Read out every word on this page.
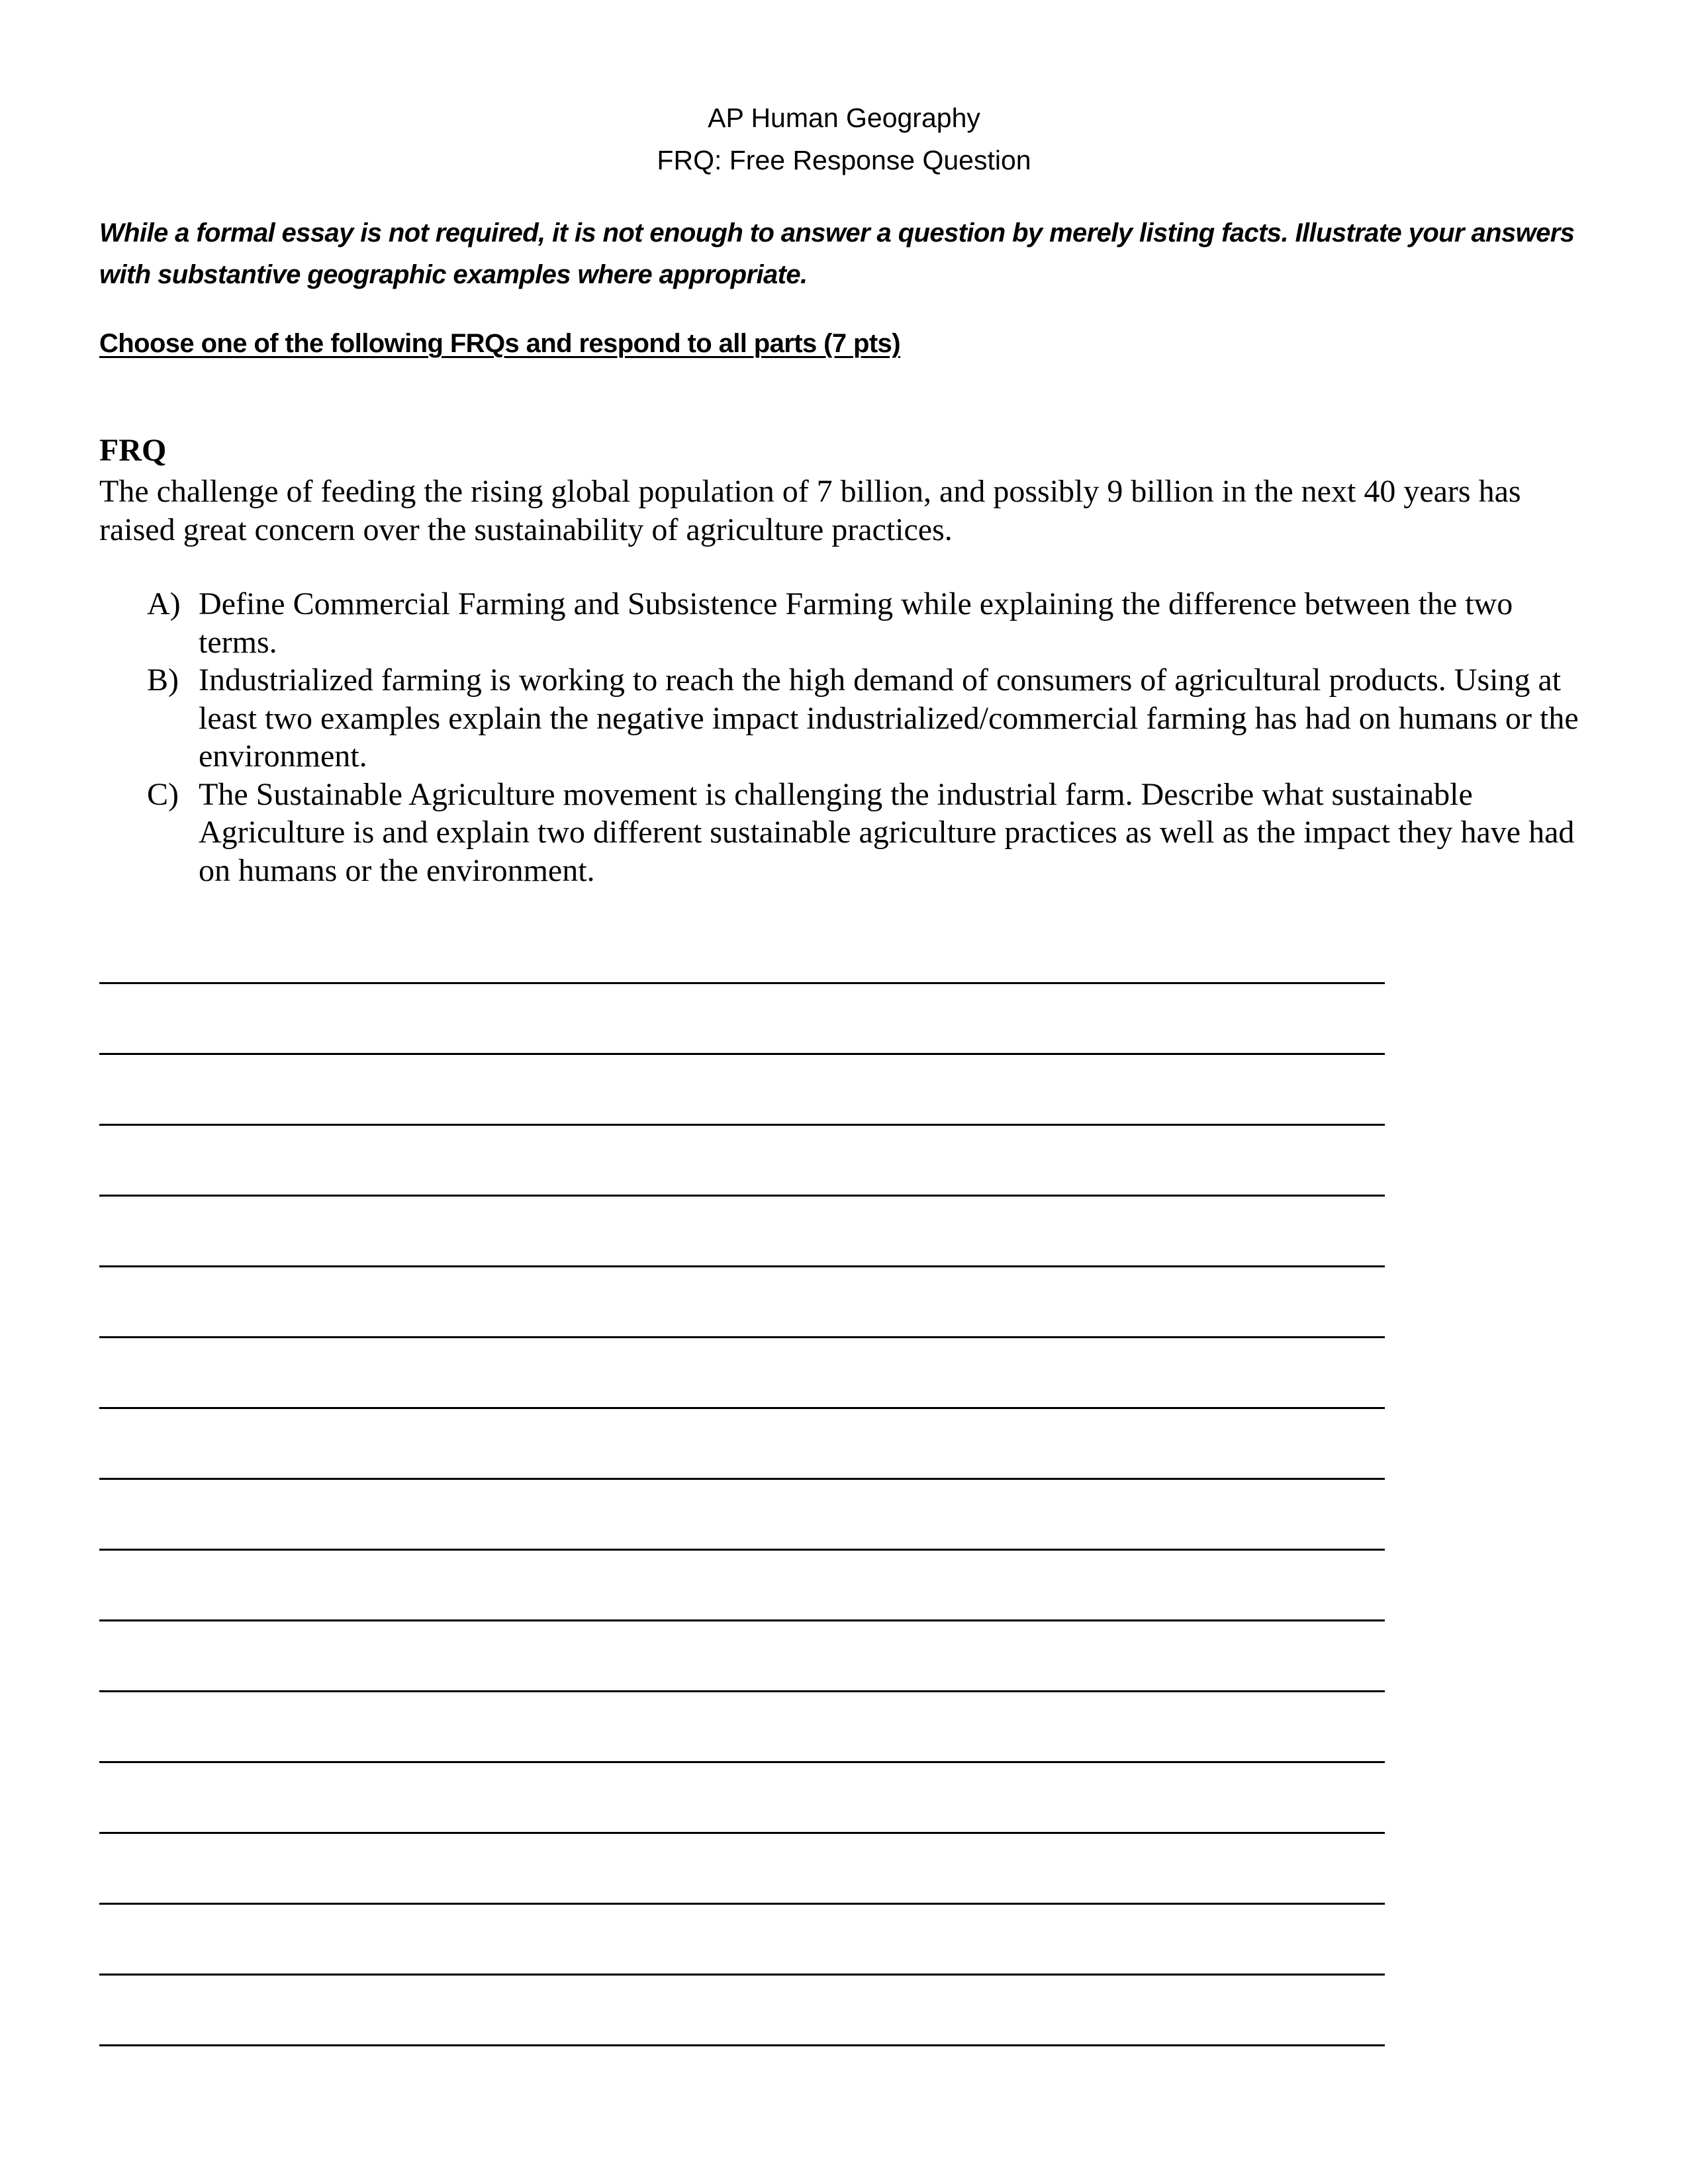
AP Human Geography
FRQ: Free Response Question
While a formal essay is not required, it is not enough to answer a question by merely listing facts. Illustrate your answers with substantive geographic examples where appropriate.
Choose one of the following FRQs and respond to all parts (7 pts)
FRQ
The challenge of feeding the rising global population of 7 billion, and possibly 9 billion in the next 40 years has raised great concern over the sustainability of agriculture practices.
A) Define Commercial Farming and Subsistence Farming while explaining the difference between the two terms.
B) Industrialized farming is working to reach the high demand of consumers of agricultural products. Using at least two examples explain the negative impact industrialized/commercial farming has had on humans or the environment.
C) The Sustainable Agriculture movement is challenging the industrial farm. Describe what sustainable Agriculture is and explain two different sustainable agriculture practices as well as the impact they have had on humans or the environment.
